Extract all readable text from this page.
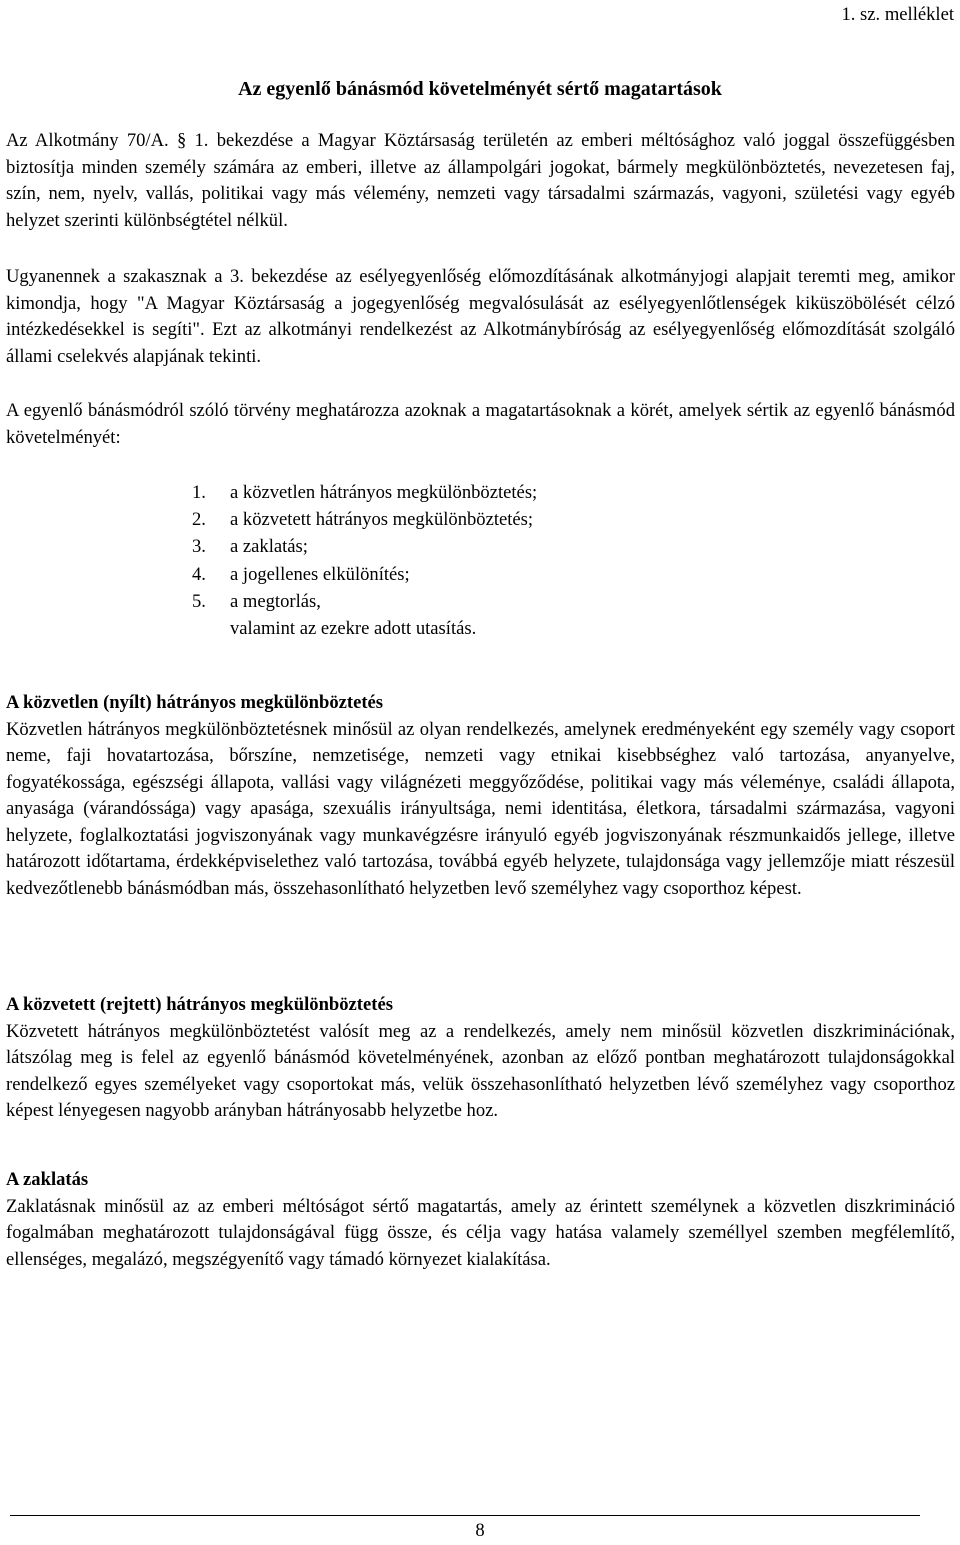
1. sz. melléklet
Az egyenlő bánásmód követelményét sértő magatartások

Az Alkotmány 70/A. § 1. bekezdése a Magyar Köztársaság területén az emberi méltósághoz való joggal összefüggésben biztosítja minden személy számára az emberi, illetve az állampolgári jogokat, bármely megkülönböztetés, nevezetesen faj, szín, nem, nyelv, vallás, politikai vagy más vélemény, nemzeti vagy társadalmi származás, vagyoni, születési vagy egyéb helyzet szerinti különbségtétel nélkül.

Ugyanennek a szakasznak a 3. bekezdése az esélyegyenlőség előmozdításának alkotmányjogi alapjait teremti meg, amikor kimondja, hogy "A Magyar Köztársaság a jogegyenlőség megvalósulását az esélyegyenlőtlenségek kiküszöbölését célzó intézkedésekkel is segíti". Ezt az alkotmányi rendelkezést az Alkotmánybíróság az esélyegyenlőség előmozdítását szolgáló állami cselekvés alapjának tekinti.

A egyenlő bánásmódról szóló törvény meghatározza azoknak a magatartásoknak a körét, amelyek sértik az egyenlő bánásmód követelményét:

1.	a közvetlen hátrányos megkülönböztetés;
2.	a közvetett hátrányos megkülönböztetés;
3.	a zaklatás;
4.	a jogellenes elkülönítés;
5.	a megtorlás,
valamint az ezekre adott utasítás.
A közvetlen (nyílt) hátrányos megkülönböztetés

Közvetlen hátrányos megkülönböztetésnek minősül az olyan rendelkezés, amelynek eredményeként egy személy vagy csoport neme, faji hovatartozása, bőrszíne, nemzetisége, nemzeti vagy etnikai kisebbséghez való tartozása, anyanyelve, fogyatékossága, egészségi állapota, vallási vagy világnézeti meggyőződése, politikai vagy más véleménye, családi állapota, anyasága (várandóssága) vagy apasága, szexuális irányultsága, nemi identitása, életkora, társadalmi származása, vagyoni helyzete, foglalkoztatási jogviszonyának vagy munkavégzésre irányuló egyéb jogviszonyának részmunkaidős jellege, illetve határozott időtartama, érdekképviselethez való tartozása, továbbá egyéb helyzete, tulajdonsága vagy jellemzője miatt részesül kedvezőtlenebb bánásmódban más, összehasonlítható helyzetben levő személyhez vagy csoporthoz képest.

A közvetett (rejtett) hátrányos megkülönböztetés

Közvetett hátrányos megkülönböztetést valósít meg az a rendelkezés, amely nem minősül közvetlen diszkriminációnak, látszólag meg is felel az egyenlő bánásmód követelményének, azonban az előző pontban meghatározott tulajdonságokkal rendelkező egyes személyeket vagy csoportokat más, velük összehasonlítható helyzetben lévő személyhez vagy csoporthoz képest lényegesen nagyobb arányban hátrányosabb helyzetbe hoz.

A zaklatás

Zaklatásnak minősül az az emberi méltóságot sértő magatartás, amely az érintett személynek a közvetlen diszkrimináció fogalmában meghatározott tulajdonságával függ össze, és célja vagy hatása valamely személlyel szemben megfélemlítő, ellenséges, megalázó, megszégyenítő vagy támadó környezet kialakítása.

8
